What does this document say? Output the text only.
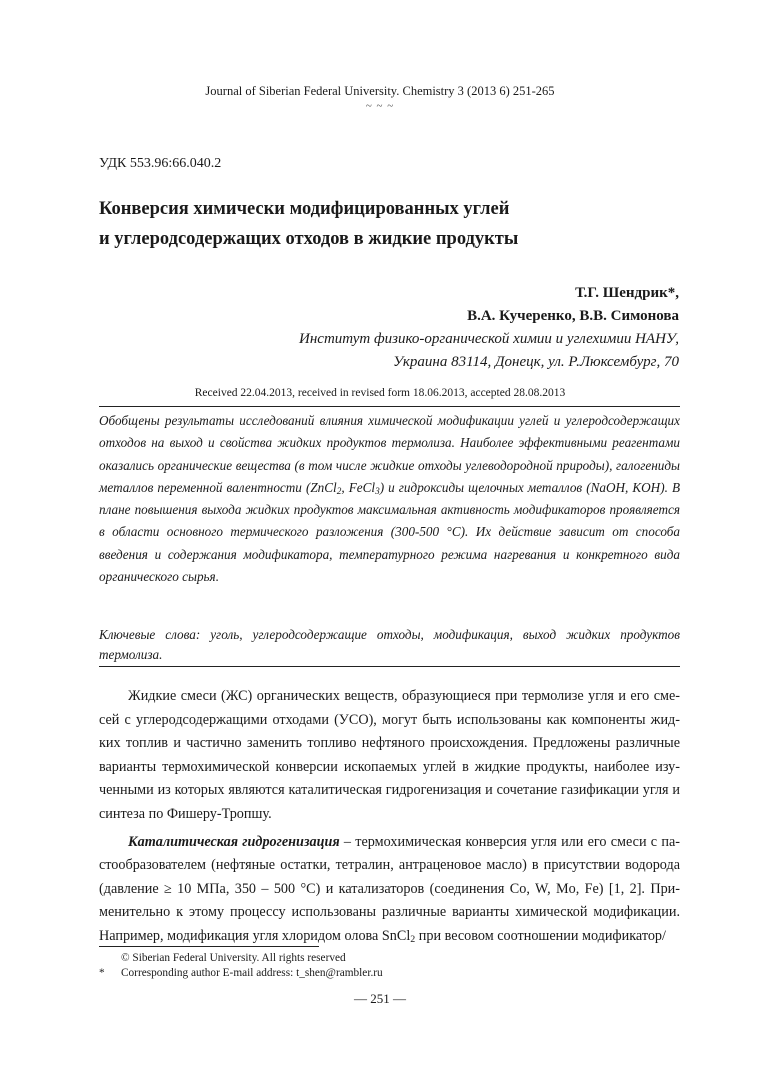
Journal of Siberian Federal University. Chemistry 3 (2013 6) 251-265
~ ~ ~
УДК 553.96:66.040.2
Конверсия химически модифицированных углей
и углеродсодержащих отходов в жидкие продукты
Т.Г. Шендрик*,
В.А. Кучеренко, В.В. Симонова
Институт физико-органической химии и углехимии НАНУ,
Украина 83114, Донецк, ул. Р.Люксембург, 70
Received 22.04.2013, received in revised form 18.06.2013, accepted 28.08.2013
Обобщены результаты исследований влияния химической модификации углей и углеродсодержащих отходов на выход и свойства жидких продуктов термолиза. Наиболее эффективными реагентами оказались органические вещества (в том числе жидкие отходы углеводородной природы), галогениды металлов переменной валентности (ZnCl$_2$, FeCl$_3$) и гидроксиды щелочных металлов (NaOH, KOH). В плане повышения выхода жидких продуктов максимальная активность модификаторов проявляется в области основного термического разложения (300-500 °С). Их действие зависит от способа введения и содержания модификатора, температурного режима нагревания и конкретного вида органического сырья.
Ключевые слова: уголь, углеродсодержащие отходы, модификация, выход жидких продуктов термолиза.

Жидкие смеси (ЖС) органических веществ, образующиеся при термолизе угля и его сме-сей с углеродсодержащими отходами (УСО), могут быть использованы как компоненты жид-ких топлив и частично заменить топливо нефтяного происхождения. Предложены различные варианты термохимической конверсии ископаемых углей в жидкие продукты, наиболее изу-ченными из которых являются каталитическая гидрогенизация и сочетание газификации угля и синтеза по Фишеру-Тропшу.

Каталитическая гидрогенизация – термохимическая конверсия угля или его смеси с па-стообразователем (нефтяные остатки, тетралин, антраценовое масло) в присутствии водорода (давление ≥ 10 МПа, 350 – 500 °С) и катализаторов (соединения Co, W, Mo, Fe) [1, 2]. При-менительно к этому процессу использованы различные варианты химической модификации. Например, модификация угля хлоридом олова SnCl$_2$ при весовом соотношении модификатор/

© Siberian Federal University. All rights reserved
*	Corresponding author E-mail address: t_shen@rambler.ru
— 251 —
